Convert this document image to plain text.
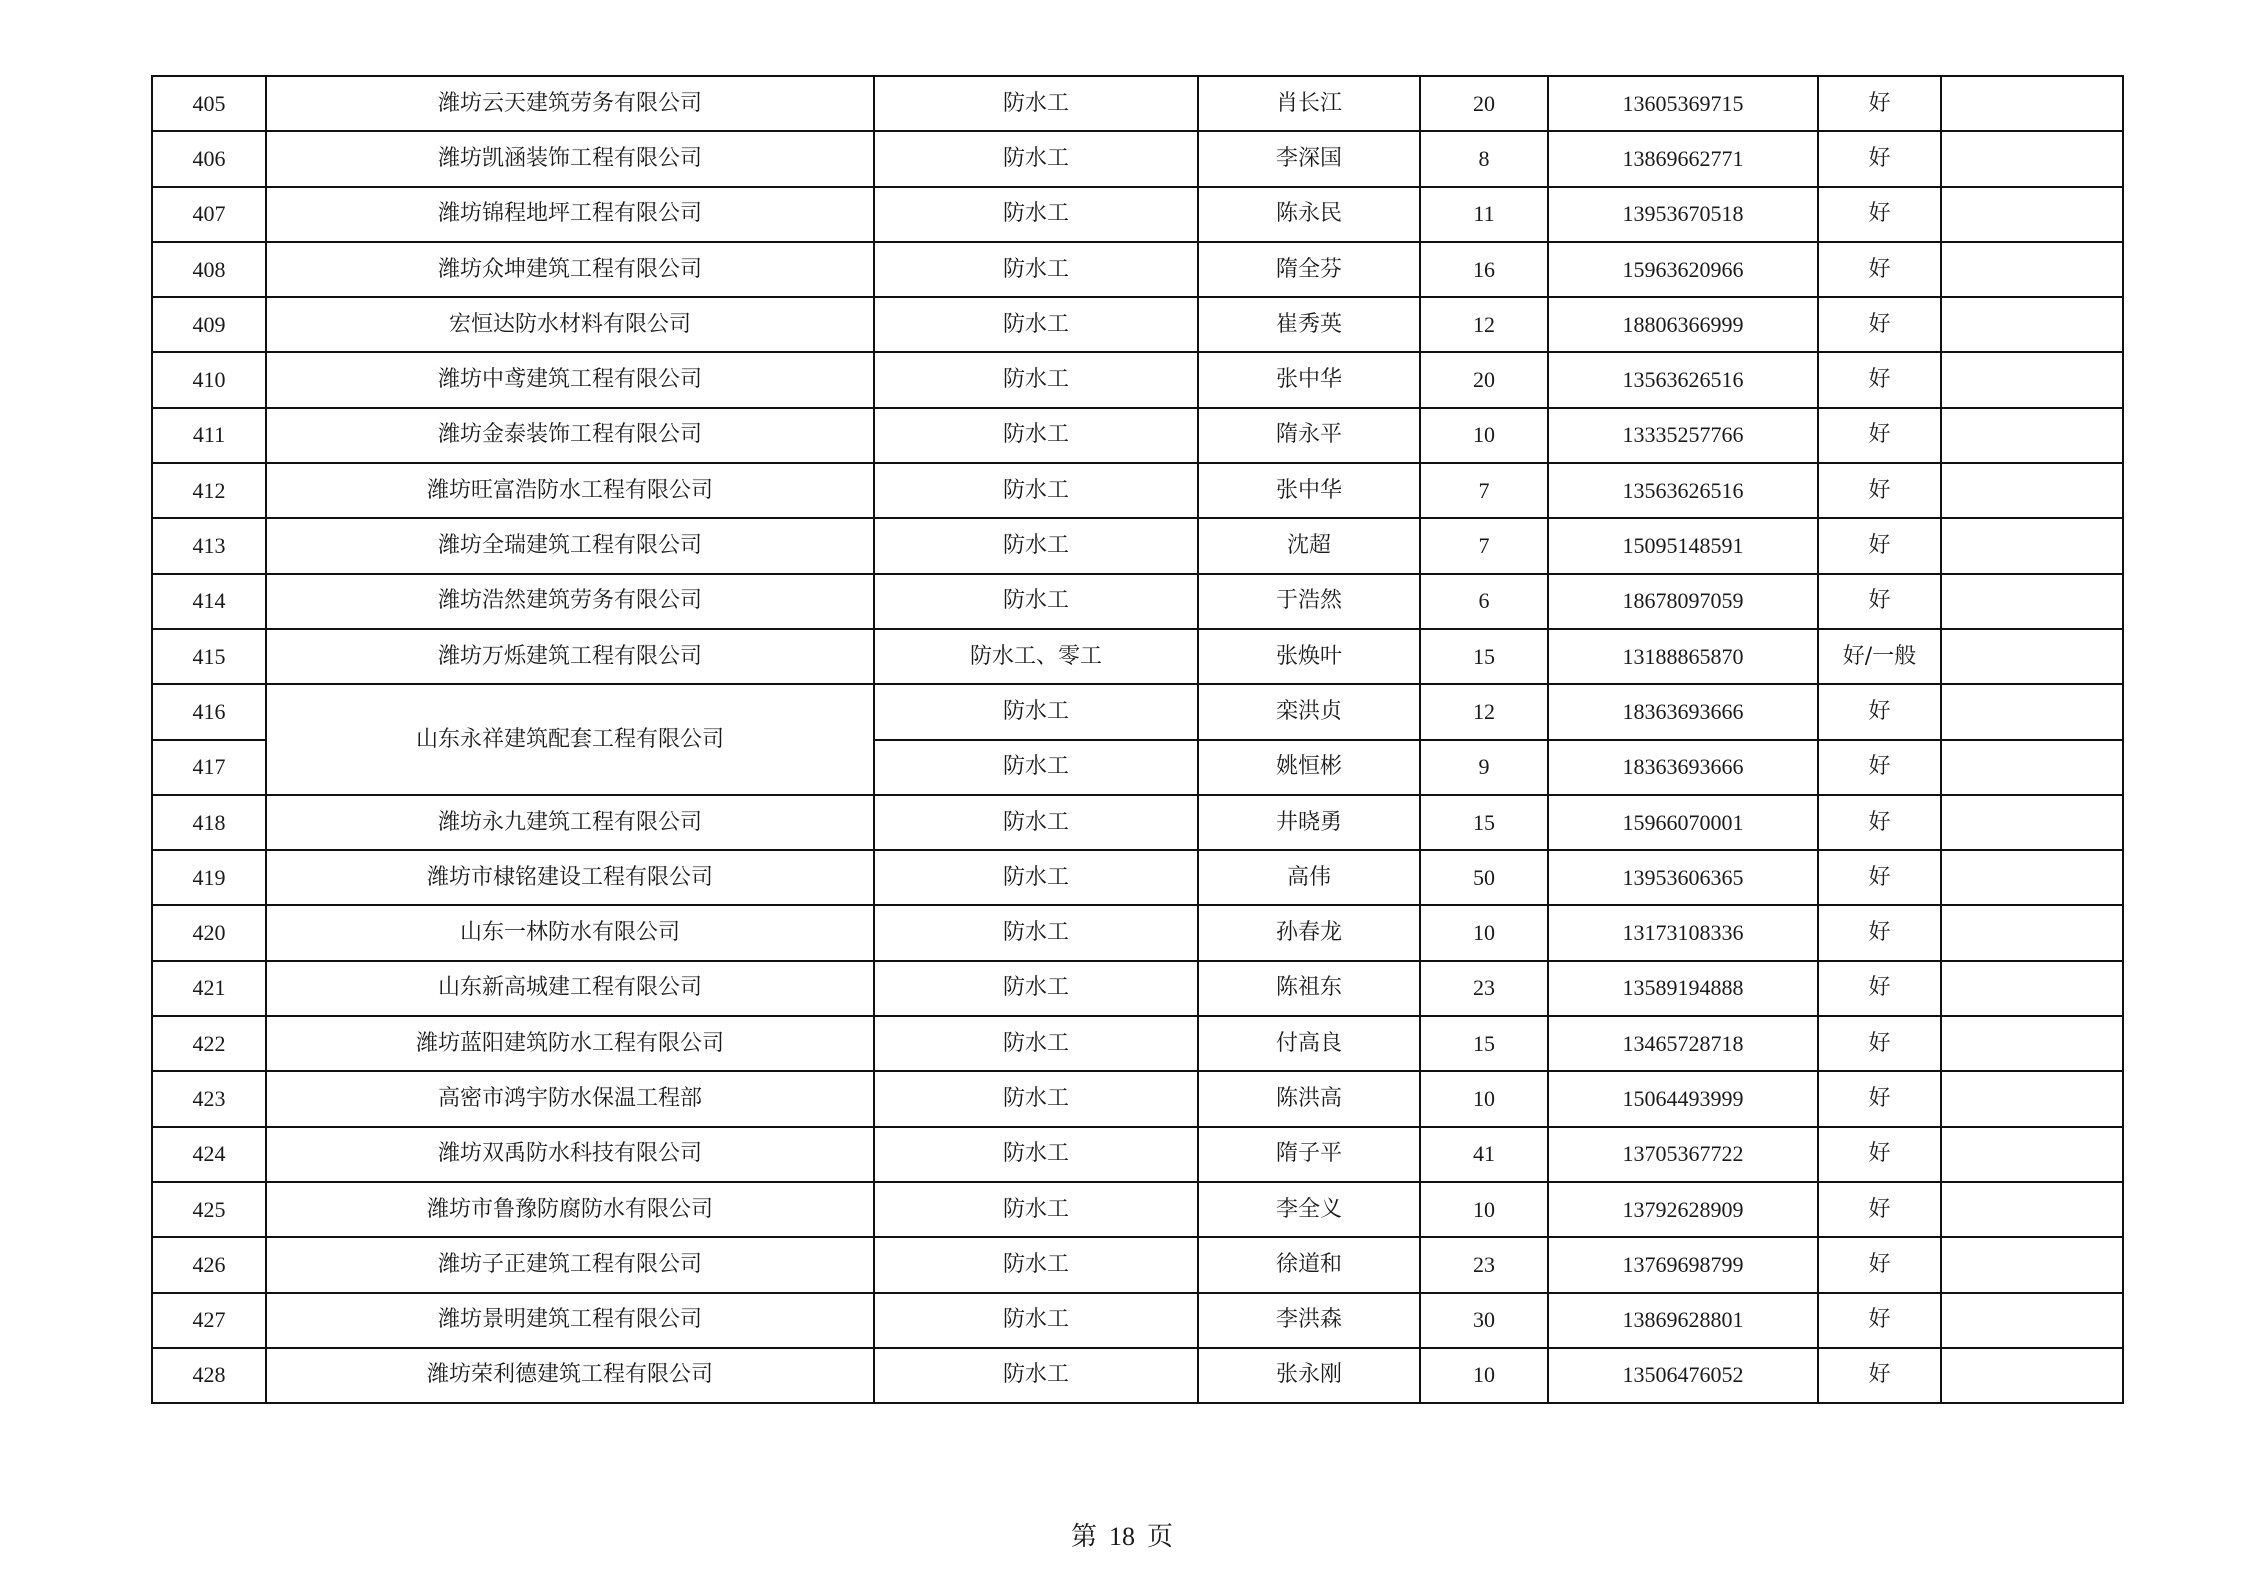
405	潍坊云天建筑劳务有限公司	防水工	肖长江	20	13605369715	好	
406	潍坊凯涵装饰工程有限公司	防水工	李深国	8	13869662771	好	
407	潍坊锦程地坪工程有限公司	防水工	陈永民	11	13953670518	好	
408	潍坊众坤建筑工程有限公司	防水工	隋全芬	16	15963620966	好	
409	宏恒达防水材料有限公司	防水工	崔秀英	12	18806366999	好	
410	潍坊中鸢建筑工程有限公司	防水工	张中华	20	13563626516	好	
411	潍坊金泰装饰工程有限公司	防水工	隋永平	10	13335257766	好	
412	潍坊旺富浩防水工程有限公司	防水工	张中华	7	13563626516	好	
413	潍坊全瑞建筑工程有限公司	防水工	沈超	7	15095148591	好	
414	潍坊浩然建筑劳务有限公司	防水工	于浩然	6	18678097059	好	
415	潍坊万烁建筑工程有限公司	防水工、零工	张焕叶	15	13188865870	好/一般	
416	山东永祥建筑配套工程有限公司	防水工	栾洪贞	12	18363693666	好	
417		防水工	姚恒彬	9	18363693666	好	
418	潍坊永九建筑工程有限公司	防水工	井晓勇	15	15966070001	好	
419	潍坊市棣铭建设工程有限公司	防水工	高伟	50	13953606365	好	
420	山东一林防水有限公司	防水工	孙春龙	10	13173108336	好	
421	山东新高城建工程有限公司	防水工	陈祖东	23	13589194888	好	
422	潍坊蓝阳建筑防水工程有限公司	防水工	付高良	15	13465728718	好	
423	高密市鸿宇防水保温工程部	防水工	陈洪高	10	15064493999	好	
424	潍坊双禹防水科技有限公司	防水工	隋子平	41	13705367722	好	
425	潍坊市鲁豫防腐防水有限公司	防水工	李全义	10	13792628909	好	
426	潍坊子正建筑工程有限公司	防水工	徐道和	23	13769698799	好	
427	潍坊景明建筑工程有限公司	防水工	李洪森	30	13869628801	好	
428	潍坊荣利德建筑工程有限公司	防水工	张永刚	10	13506476052	好	
第 18 页
